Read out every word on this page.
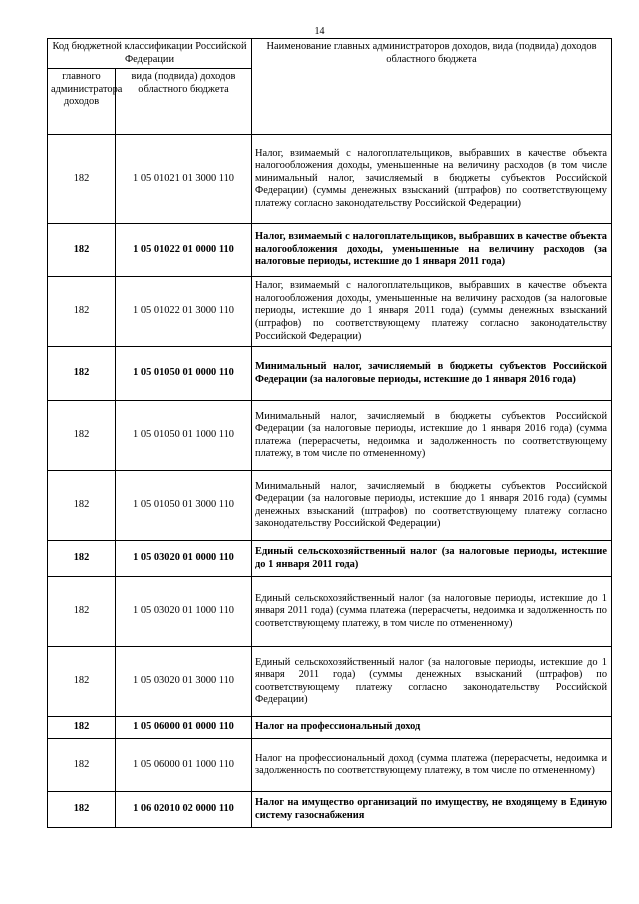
14
Код бюджетной классификации Российской Федерации		Наименование главных администраторов доходов, вида (подвида) доходов областного бюджета
главного администратора доходов	вида (подвида) доходов областного бюджета	
182	1 05 01021 01 3000 110	Налог, взимаемый с налогоплательщиков, выбравших в качестве объекта налогообложения доходы, уменьшенные на величину расходов (в том числе минимальный налог, зачисляемый в бюджеты субъектов Российской Федерации) (суммы денежных взысканий (штрафов) по соответствующему платежу согласно законодательству Российской Федерации)
182	1 05 01022 01 0000 110	Налог, взимаемый с налогоплательщиков, выбравших в качестве объекта налогообложения доходы, уменьшенные на величину расходов (за налоговые периоды, истекшие до 1 января 2011 года)
182	1 05 01022 01 3000 110	Налог, взимаемый с налогоплательщиков, выбравших в качестве объекта налогообложения доходы, уменьшенные на величину расходов (за налоговые периоды, истекшие до 1 января 2011 года) (суммы денежных взысканий (штрафов) по соответствующему платежу согласно законодательству Российской Федерации)
182	1 05 01050 01 0000 110	Минимальный налог, зачисляемый в бюджеты субъектов Российской Федерации (за налоговые периоды, истекшие до 1 января 2016 года)
182	1 05 01050 01 1000 110	Минимальный налог, зачисляемый в бюджеты субъектов Российской Федерации (за налоговые периоды, истекшие до 1 января 2016 года) (сумма платежа (перерасчеты, недоимка и задолженность по соответствующему платежу, в том числе по отмененному)
182	1 05 01050 01 3000 110	Минимальный налог, зачисляемый в бюджеты субъектов Российской Федерации (за налоговые периоды, истекшие до 1 января 2016 года) (суммы денежных взысканий (штрафов) по соответствующему платежу согласно законодательству Российской Федерации)
182	1 05 03020 01 0000 110	Единый сельскохозяйственный налог (за налоговые периоды, истекшие до 1 января 2011 года)
182	1 05 03020 01 1000 110	Единый сельскохозяйственный налог (за налоговые периоды, истекшие до 1 января 2011 года) (сумма платежа (перерасчеты, недоимка и задолженность по соответствующему платежу, в том числе по отмененному)
182	1 05 03020 01 3000 110	Единый сельскохозяйственный налог (за налоговые периоды, истекшие до 1 января 2011 года) (суммы денежных взысканий (штрафов) по соответствующему платежу согласно законодательству Российской Федерации)
182	1 05 06000 01 0000 110	Налог на профессиональный доход
182	1 05 06000 01 1000 110	Налог на профессиональный доход (сумма платежа (перерасчеты, недоимка и задолженность по соответствующему платежу, в том числе по отмененному)
182	1 06 02010 02 0000 110	Налог на имущество организаций по имуществу, не входящему в Единую систему газоснабжения
